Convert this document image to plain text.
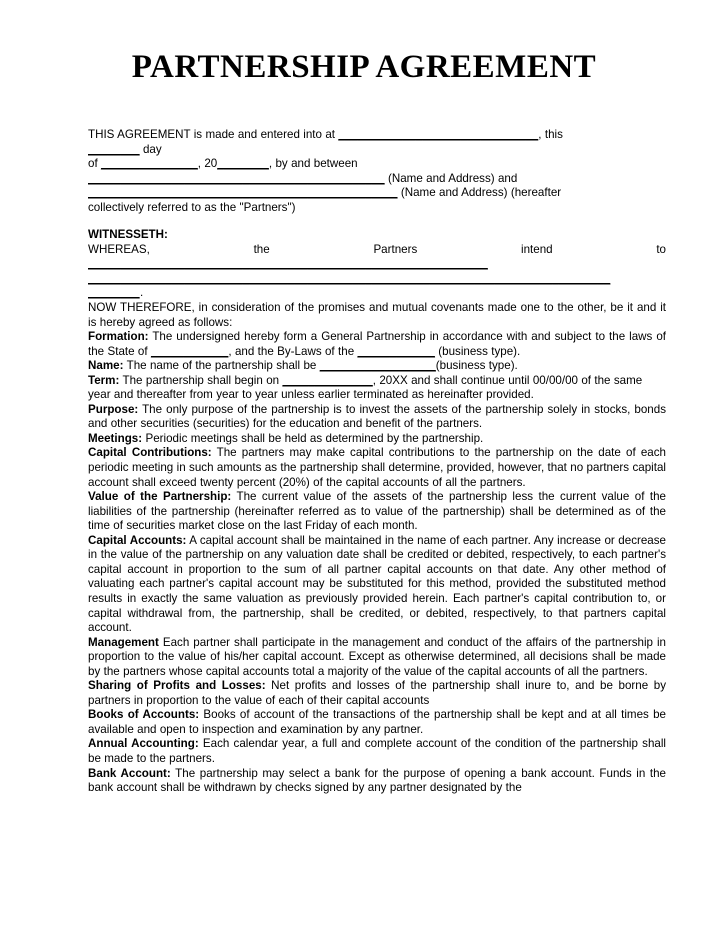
PARTNERSHIP AGREEMENT

THIS AGREEMENT is made and entered into at _______________________________, this
________ day
of _______________, 20________, by and between
______________________________________________ (Name and Address) and
________________________________________________ (Name and Address) (hereafter
collectively referred to as the "Partners")

WITNESSETH:

WHEREAS,	the	Partners	intend	to
______________________________________________________________
_________________________________________________________________________________
________.

NOW THEREFORE, in consideration of the promises and mutual covenants made one to the other, be it and it is hereby agreed as follows:

Formation: The undersigned hereby form a General Partnership in accordance with and subject to the laws of the State of ____________, and the By-Laws of the ____________ (business type).

Name: The name of the partnership shall be __________________(business type).

Term: The partnership shall begin on ______________, 20XX and shall continue until 00/00/00 of the same year and thereafter from year to year unless earlier terminated as hereinafter provided.

Purpose: The only purpose of the partnership is to invest the assets of the partnership solely in stocks, bonds and other securities (securities) for the education and benefit of the partners.

Meetings: Periodic meetings shall be held as determined by the partnership.

Capital Contributions: The partners may make capital contributions to the partnership on the date of each periodic meeting in such amounts as the partnership shall determine, provided, however, that no partners capital account shall exceed twenty percent (20%) of the capital accounts of all the partners.

Value of the Partnership: The current value of the assets of the partnership less the current value of the liabilities of the partnership (hereinafter referred as to value of the partnership) shall be determined as of the time of securities market close on the last Friday of each month.

Capital Accounts: A capital account shall be maintained in the name of each partner. Any increase or decrease in the value of the partnership on any valuation date shall be credited or debited, respectively, to each partner's capital account in proportion to the sum of all partner capital accounts on that date. Any other method of valuating each partner's capital account may be substituted for this method, provided the substituted method results in exactly the same valuation as previously provided herein. Each partner's capital contribution to, or capital withdrawal from, the partnership, shall be credited, or debited, respectively, to that partners capital account.

Management Each partner shall participate in the management and conduct of the affairs of the partnership in proportion to the value of his/her capital account. Except as otherwise determined, all decisions shall be made by the partners whose capital accounts total a majority of the value of the capital accounts of all the partners.

Sharing of Profits and Losses: Net profits and losses of the partnership shall inure to, and be borne by partners in proportion to the value of each of their capital accounts

Books of Accounts: Books of account of the transactions of the partnership shall be kept and at all times be available and open to inspection and examination by any partner.

Annual Accounting: Each calendar year, a full and complete account of the condition of the partnership shall be made to the partners.

Bank Account: The partnership may select a bank for the purpose of opening a bank account. Funds in the bank account shall be withdrawn by checks signed by any partner designated by the
